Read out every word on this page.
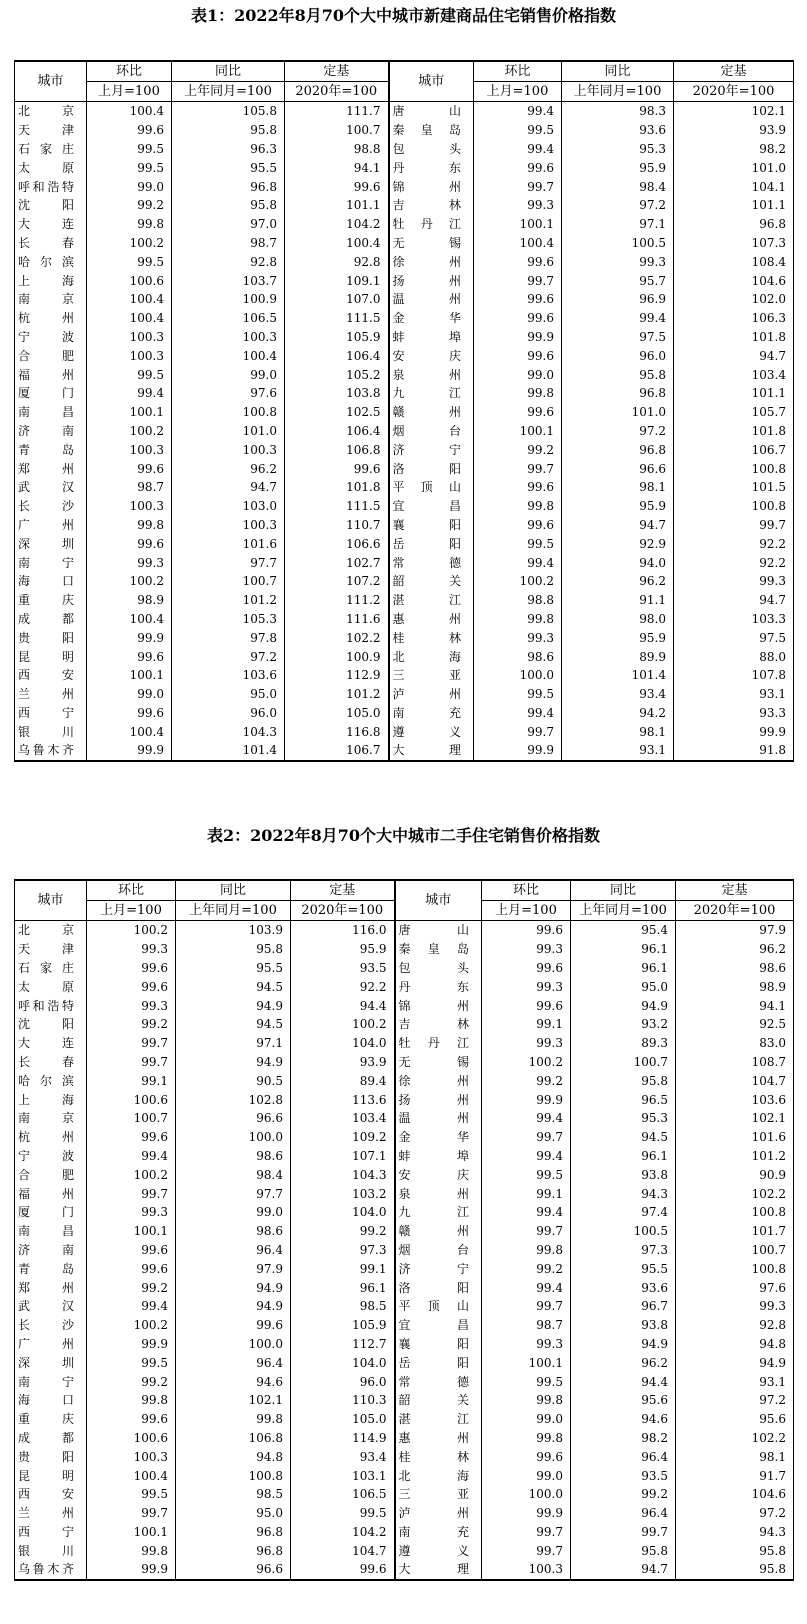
表1：2022年8月70个大中城市新建商品住宅销售价格指数
城市	环比	同比	定基	城市	环比	同比	定基
	上月=100	上年同月=100	2020年=100		上月=100	上年同月=100	2020年=100
北京	100.4	105.8	111.7	唐山	99.4	98.3	102.1
天津	99.6	95.8	100.7	秦皇岛	99.5	93.6	93.9
石家庄	99.5	96.3	98.8	包头	99.4	95.3	98.2
太原	99.5	95.5	94.1	丹东	99.6	95.9	101.0
呼和浩特	99.0	96.8	99.6	锦州	99.7	98.4	104.1
沈阳	99.2	95.8	101.1	吉林	99.3	97.2	101.1
大连	99.8	97.0	104.2	牡丹江	100.1	97.1	96.8
长春	100.2	98.7	100.4	无锡	100.4	100.5	107.3
哈尔滨	99.5	92.8	92.8	徐州	99.6	99.3	108.4
上海	100.6	103.7	109.1	扬州	99.7	95.7	104.6
南京	100.4	100.9	107.0	温州	99.6	96.9	102.0
杭州	100.4	106.5	111.5	金华	99.6	99.4	106.3
宁波	100.3	100.3	105.9	蚌埠	99.9	97.5	101.8
合肥	100.3	100.4	106.4	安庆	99.6	96.0	94.7
福州	99.5	99.0	105.2	泉州	99.0	95.8	103.4
厦门	99.4	97.6	103.8	九江	99.8	96.8	101.1
南昌	100.1	100.8	102.5	赣州	99.6	101.0	105.7
济南	100.2	101.0	106.4	烟台	100.1	97.2	101.8
青岛	100.3	100.3	106.8	济宁	99.2	96.8	106.7
郑州	99.6	96.2	99.6	洛阳	99.7	96.6	100.8
武汉	98.7	94.7	101.8	平顶山	99.6	98.1	101.5
长沙	100.3	103.0	111.5	宜昌	99.8	95.9	100.8
广州	99.8	100.3	110.7	襄阳	99.6	94.7	99.7
深圳	99.6	101.6	106.6	岳阳	99.5	92.9	92.2
南宁	99.3	97.7	102.7	常德	99.4	94.0	92.2
海口	100.2	100.7	107.2	韶关	100.2	96.2	99.3
重庆	98.9	101.2	111.2	湛江	98.8	91.1	94.7
成都	100.4	105.3	111.6	惠州	99.8	98.0	103.3
贵阳	99.9	97.8	102.2	桂林	99.3	95.9	97.5
昆明	99.6	97.2	100.9	北海	98.6	89.9	88.0
西安	100.1	103.6	112.9	三亚	100.0	101.4	107.8
兰州	99.0	95.0	101.2	泸州	99.5	93.4	93.1
西宁	99.6	96.0	105.0	南充	99.4	94.2	93.3
银川	100.4	104.3	116.8	遵义	99.7	98.1	99.9
乌鲁木齐	99.9	101.4	106.7	大理	99.9	93.1	91.8
表2：2022年8月70个大中城市二手住宅销售价格指数
城市	环比	同比	定基	城市	环比	同比	定基
	上月=100	上年同月=100	2020年=100		上月=100	上年同月=100	2020年=100
北京	100.2	103.9	116.0	唐山	99.6	95.4	97.9
天津	99.3	95.8	95.9	秦皇岛	99.3	96.1	96.2
石家庄	99.6	95.5	93.5	包头	99.6	96.1	98.6
太原	99.6	94.5	92.2	丹东	99.3	95.0	98.9
呼和浩特	99.3	94.9	94.4	锦州	99.6	94.9	94.1
沈阳	99.2	94.5	100.2	吉林	99.1	93.2	92.5
大连	99.7	97.1	104.0	牡丹江	99.3	89.3	83.0
长春	99.7	94.9	93.9	无锡	100.2	100.7	108.7
哈尔滨	99.1	90.5	89.4	徐州	99.2	95.8	104.7
上海	100.6	102.8	113.6	扬州	99.9	96.5	103.6
南京	100.7	96.6	103.4	温州	99.4	95.3	102.1
杭州	99.6	100.0	109.2	金华	99.7	94.5	101.6
宁波	99.4	98.6	107.1	蚌埠	99.4	96.1	101.2
合肥	100.2	98.4	104.3	安庆	99.5	93.8	90.9
福州	99.7	97.7	103.2	泉州	99.1	94.3	102.2
厦门	99.3	99.0	104.0	九江	99.4	97.4	100.8
南昌	100.1	98.6	99.2	赣州	99.7	100.5	101.7
济南	99.6	96.4	97.3	烟台	99.8	97.3	100.7
青岛	99.6	97.9	99.1	济宁	99.2	95.5	100.8
郑州	99.2	94.9	96.1	洛阳	99.4	93.6	97.6
武汉	99.4	94.9	98.5	平顶山	99.7	96.7	99.3
长沙	100.2	99.6	105.9	宜昌	98.7	93.8	92.8
广州	99.9	100.0	112.7	襄阳	99.3	94.9	94.8
深圳	99.5	96.4	104.0	岳阳	100.1	96.2	94.9
南宁	99.2	94.6	96.0	常德	99.5	94.4	93.1
海口	99.8	102.1	110.3	韶关	99.8	95.6	97.2
重庆	99.6	99.8	105.0	湛江	99.0	94.6	95.6
成都	100.6	106.8	114.9	惠州	99.8	98.2	102.2
贵阳	100.3	94.8	93.4	桂林	99.6	96.4	98.1
昆明	100.4	100.8	103.1	北海	99.0	93.5	91.7
西安	99.5	98.5	106.5	三亚	100.0	99.2	104.6
兰州	99.7	95.0	99.5	泸州	99.9	96.4	97.2
西宁	100.1	96.8	104.2	南充	99.7	99.7	94.3
银川	99.8	96.8	104.7	遵义	99.7	95.8	95.8
乌鲁木齐	99.9	96.6	99.6	大理	100.3	94.7	95.8
